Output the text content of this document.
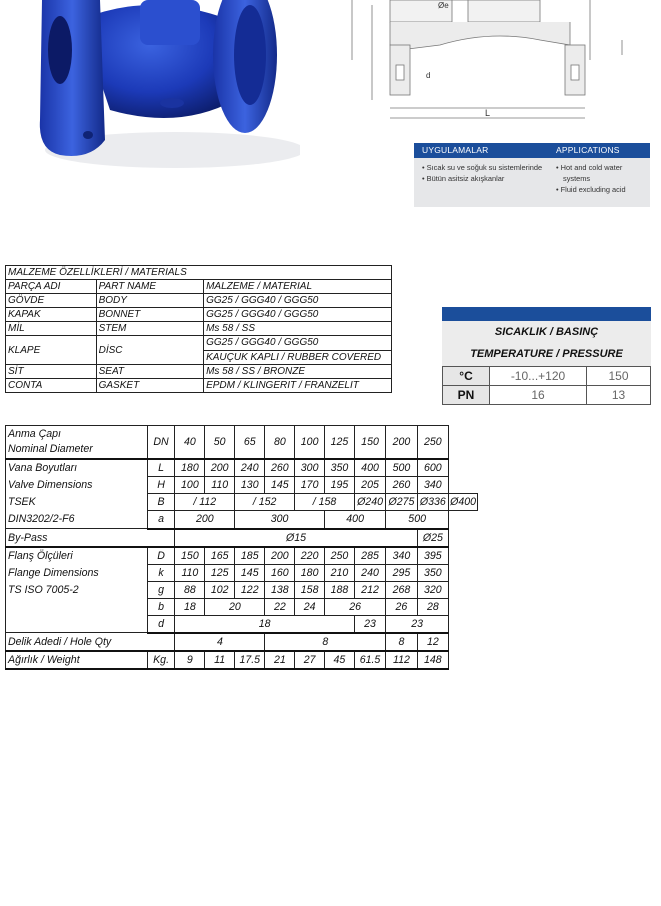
Øe
d
L
UYGULAMALAR	APPLICATIONS
• Sıcak su ve soğuk su sistemlerinde
• Bütün asitsiz akışkanlar
• Hot and cold water systems
• Fluid excluding acid
MALZEME ÖZELLİKLERİ / MATERIALS		
PARÇA ADI	PART NAME	MALZEME / MATERIAL
GÖVDE	BODY	GG25 / GGG40 / GGG50
KAPAK	BONNET	GG25 / GGG40 / GGG50
MİL	STEM	Ms 58 / SS
KLAPE	DİSC	GG25 / GGG40 / GGG50
		KAUÇUK KAPLI / RUBBER COVERED
SİT	SEAT	Ms 58 / SS / BRONZE
CONTA	GASKET	EPDM / KLINGERIT / FRANZELIT
SICAKLIK / BASINÇ
TEMPERATURE / PRESSURE
°C	-10...+120	150
PN	16	13
Anma Çapı
Nominal Diameter	DN	40	50	65	80	100	125	150	200	250	

Vana Boyutları
Valve Dimensions
TSEK
DIN3202/2-F6	L	180	200	240	260	300	350	400	500	600	
	H	100	110	130	145	170	195	205	260	340	
	B	/ 112		/ 152		/ 158		Ø240	Ø275	Ø336	Ø400
	a	200		300			400		500		
By-Pass		Ø15								Ø25	

Flanş Ölçüleri
Flange Dimensions
TS ISO 7005-2	D	150	165	185	200	220	250	285	340	395	
	k	110	125	145	160	180	210	240	295	350	
	g	88	102	122	138	158	188	212	268	320	
	b	18	20		22	24	26		26	28	
	d	18						23	23		
Delik Adedi / Hole Qty		4			8				8	12	
Ağırlık / Weight	Kg.	9	11	17.5	21	27	45	61.5	112	148	
